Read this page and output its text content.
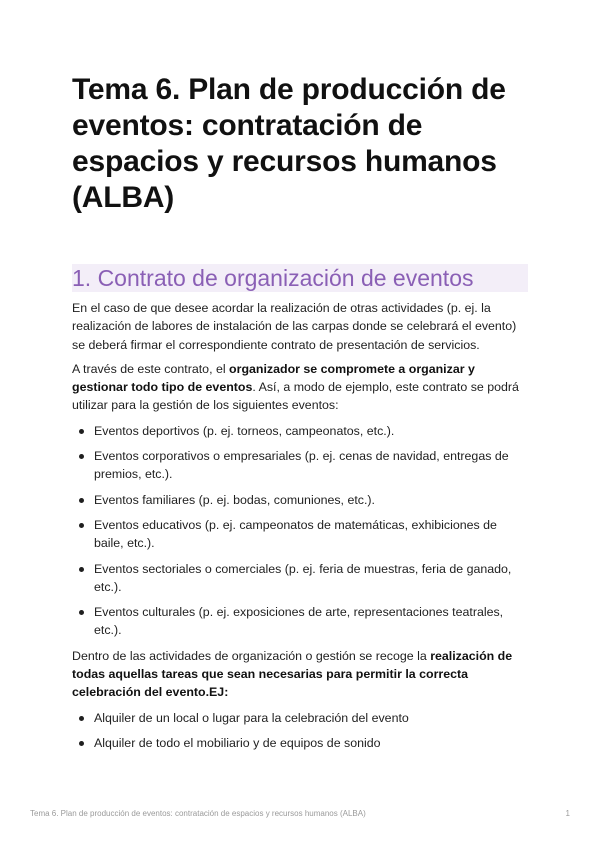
Tema 6. Plan de producción de eventos: contratación de espacios y recursos humanos (ALBA)
1. Contrato de organización de eventos

En el caso de que desee acordar la realización de otras actividades (p. ej. la realización de labores de instalación de las carpas donde se celebrará el evento) se deberá firmar el correspondiente contrato de presentación de servicios.

A través de este contrato, el organizador se compromete a organizar y gestionar todo tipo de eventos. Así, a modo de ejemplo, este contrato se podrá utilizar para la gestión de los siguientes eventos:

Eventos deportivos (p. ej. torneos, campeonatos, etc.).
Eventos corporativos o empresariales (p. ej. cenas de navidad, entregas de premios, etc.).
Eventos familiares (p. ej. bodas, comuniones, etc.).
Eventos educativos (p. ej. campeonatos de matemáticas, exhibiciones de baile, etc.).
Eventos sectoriales o comerciales (p. ej. feria de muestras, feria de ganado, etc.).
Eventos culturales (p. ej. exposiciones de arte, representaciones teatrales, etc.).

Dentro de las actividades de organización o gestión se recoge la realización de todas aquellas tareas que sean necesarias para permitir la correcta celebración del evento.EJ:

Alquiler de un local o lugar para la celebración del evento
Alquiler de todo el mobiliario y de equipos de sonido
Tema 6. Plan de producción de eventos: contratación de espacios y recursos humanos (ALBA)	1
